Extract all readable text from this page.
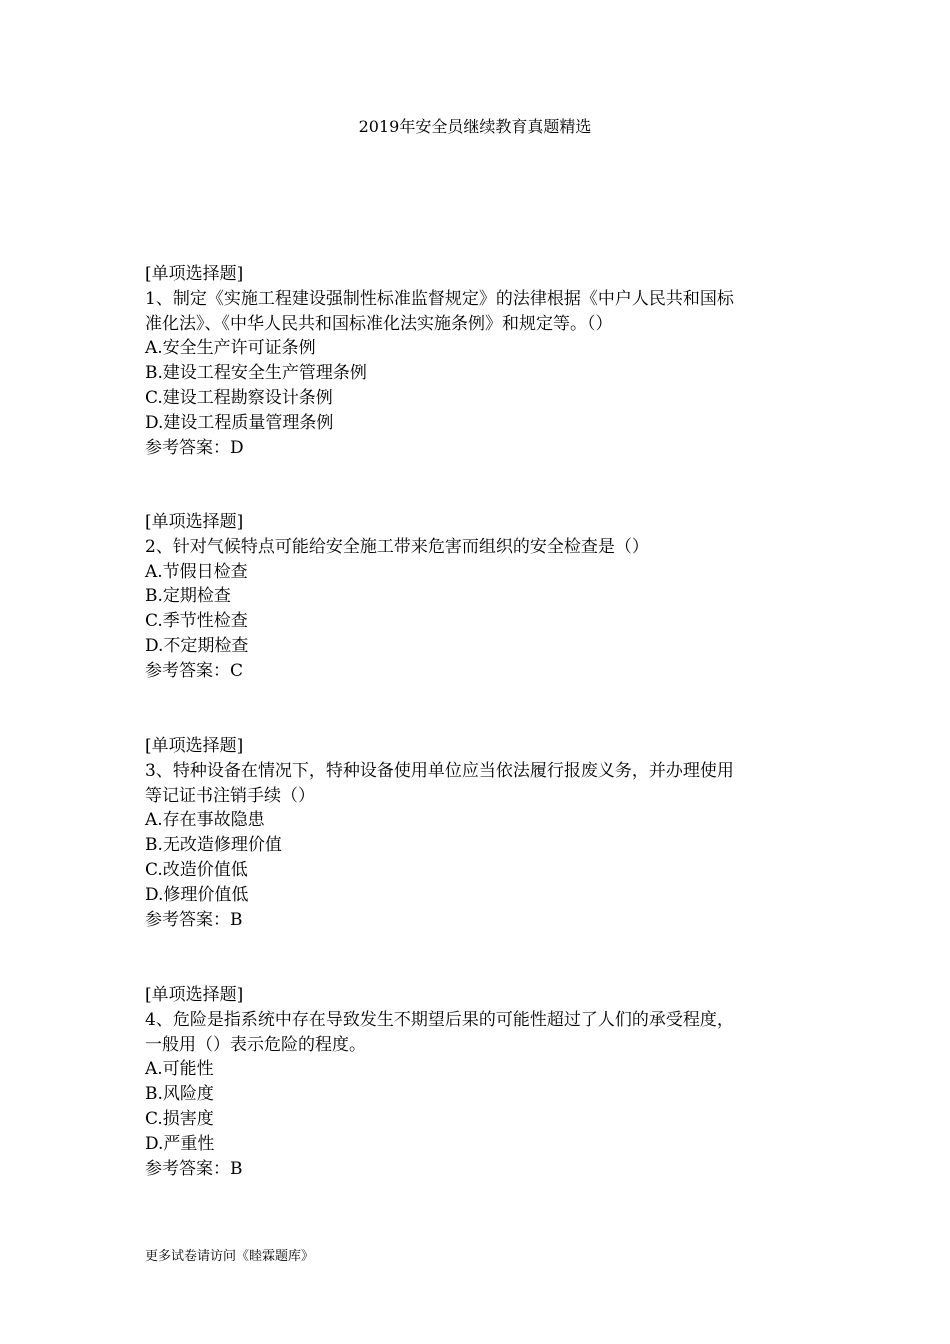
2019年安全员继续教育真题精选
[单项选择题]
1、制定《实施工程建设强制性标准监督规定》的法律根据《中户人民共和国标
准化法》、《中华人民共和国标准化法实施条例》和规定等。（）
A.安全生产许可证条例
B.建设工程安全生产管理条例
C.建设工程勘察设计条例
D.建设工程质量管理条例
参考答案：D
[单项选择题]
2、针对气候特点可能给安全施工带来危害而组织的安全检查是（）
A.节假日检查
B.定期检查
C.季节性检查
D.不定期检查
参考答案：C
[单项选择题]
3、特种设备在情况下，特种设备使用单位应当依法履行报废义务，并办理使用
等记证书注销手续（）
A.存在事故隐患
B.无改造修理价值
C.改造价值低
D.修理价值低
参考答案：B
[单项选择题]
4、危险是指系统中存在导致发生不期望后果的可能性超过了人们的承受程度，
一般用（）表示危险的程度。
A.可能性
B.风险度
C.损害度
D.严重性
参考答案：B
更多试卷请访问《睦霖题库》
